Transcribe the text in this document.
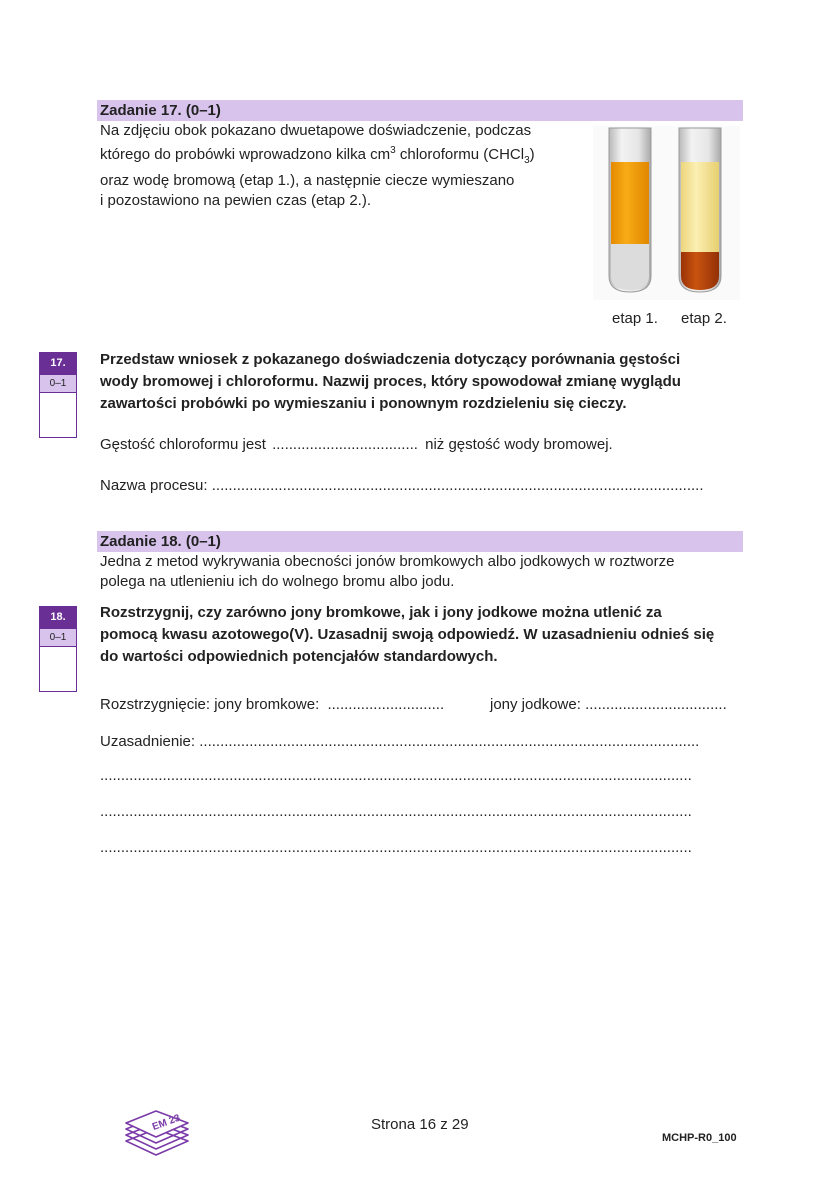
Zadanie 17. (0–1)
Na zdjęciu obok pokazano dwuetapowe doświadczenie, podczas
którego do probówki wprowadzono kilka $cm^3$ chloroformu (CHCl$_3$)
oraz wodę bromową (etap 1.), a następnie ciecze wymieszano
i pozostawiono na pewien czas (etap 2.).
etap 1. etap 2.
17.
0–1
Przedstaw wniosek z pokazanego doświadczenia dotyczący porównania gęstości
wody bromowej i chloroformu. Nazwij proces, który spowodował zmianę wyglądu
zawartości probówki po wymieszaniu i ponownym rozdzieleniu się cieczy.
Gęstość chloroformu jest ................................... niż gęstość wody bromowej.
Nazwa procesu: ......................................................................................................................
Zadanie 18. (0–1)
Jedna z metod wykrywania obecności jonów bromkowych albo jodkowych w roztworze
polega na utlenieniu ich do wolnego bromu albo jodu.
18.
0–1
Rozstrzygnij, czy zarówno jony bromkowe, jak i jony jodkowe można utlenić za
pomocą kwasu azotowego(V). Uzasadnij swoją odpowiedź. W uzasadnieniu odnieś się
do wartości odpowiednich potencjałów standardowych.
Rozstrzygnięcie: jony bromkowe: ............................	jony jodkowe: ..................................
Uzasadnienie: ........................................................................................................................
..............................................................................................................................................
..............................................................................................................................................
..............................................................................................................................................
EM 23	Strona 16 z 29
MCHP-R0_100
